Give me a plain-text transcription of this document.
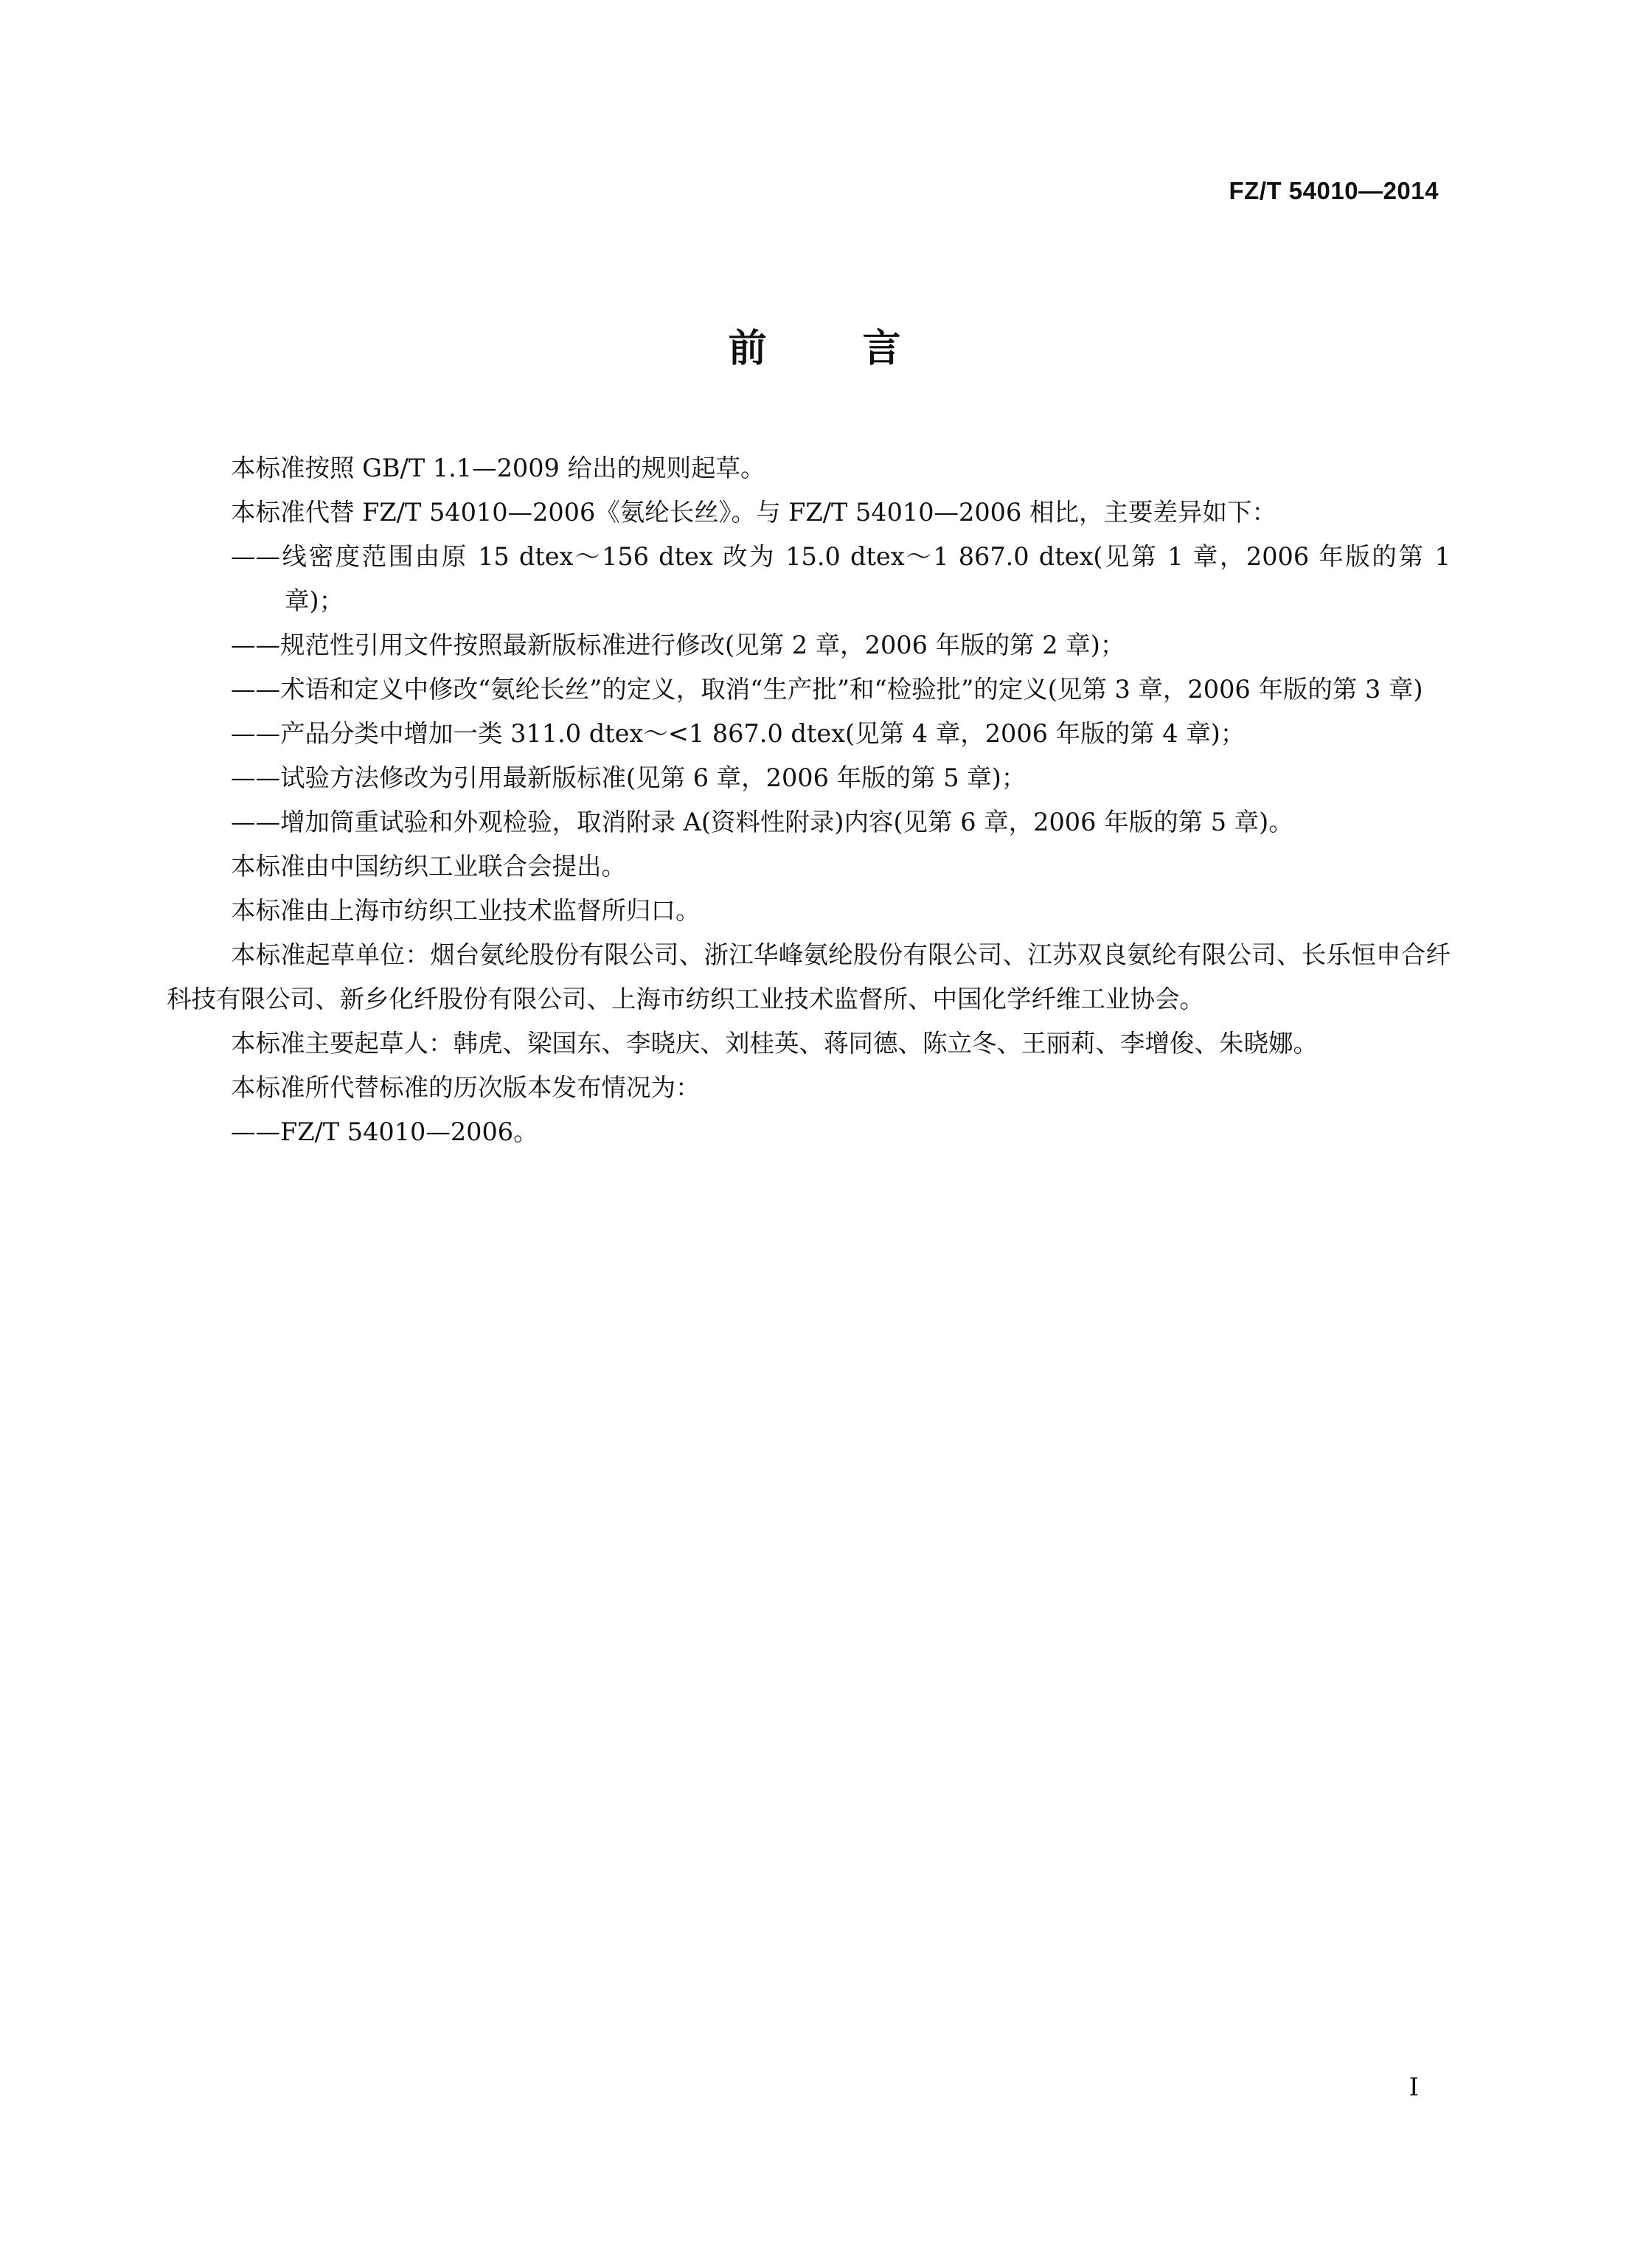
FZ/T 54010—2014
前言

本标准按照 GB/T 1.1—2009 给出的规则起草。

本标准代替 FZ/T 54010—2006《氨纶长丝》。与 FZ/T 54010—2006 相比，主要差异如下：

——线密度范围由原 15 dtex～156 dtex 改为 15.0 dtex～1 867.0 dtex(见第 1 章，2006 年版的第 1 章)；

——规范性引用文件按照最新版标准进行修改(见第 2 章，2006 年版的第 2 章)；

——术语和定义中修改“氨纶长丝”的定义，取消“生产批”和“检验批”的定义(见第 3 章，2006 年版的第 3 章)

——产品分类中增加一类 311.0 dtex～<1 867.0 dtex(见第 4 章，2006 年版的第 4 章)；

——试验方法修改为引用最新版标准(见第 6 章，2006 年版的第 5 章)；

——增加筒重试验和外观检验，取消附录 A(资料性附录)内容(见第 6 章，2006 年版的第 5 章)。

本标准由中国纺织工业联合会提出。

本标准由上海市纺织工业技术监督所归口。

本标准起草单位：烟台氨纶股份有限公司、浙江华峰氨纶股份有限公司、江苏双良氨纶有限公司、长乐恒申合纤科技有限公司、新乡化纤股份有限公司、上海市纺织工业技术监督所、中国化学纤维工业协会。

本标准主要起草人：韩虎、梁国东、李晓庆、刘桂英、蒋同德、陈立冬、王丽莉、李增俊、朱晓娜。

本标准所代替标准的历次版本发布情况为：

——FZ/T 54010—2006。

I
